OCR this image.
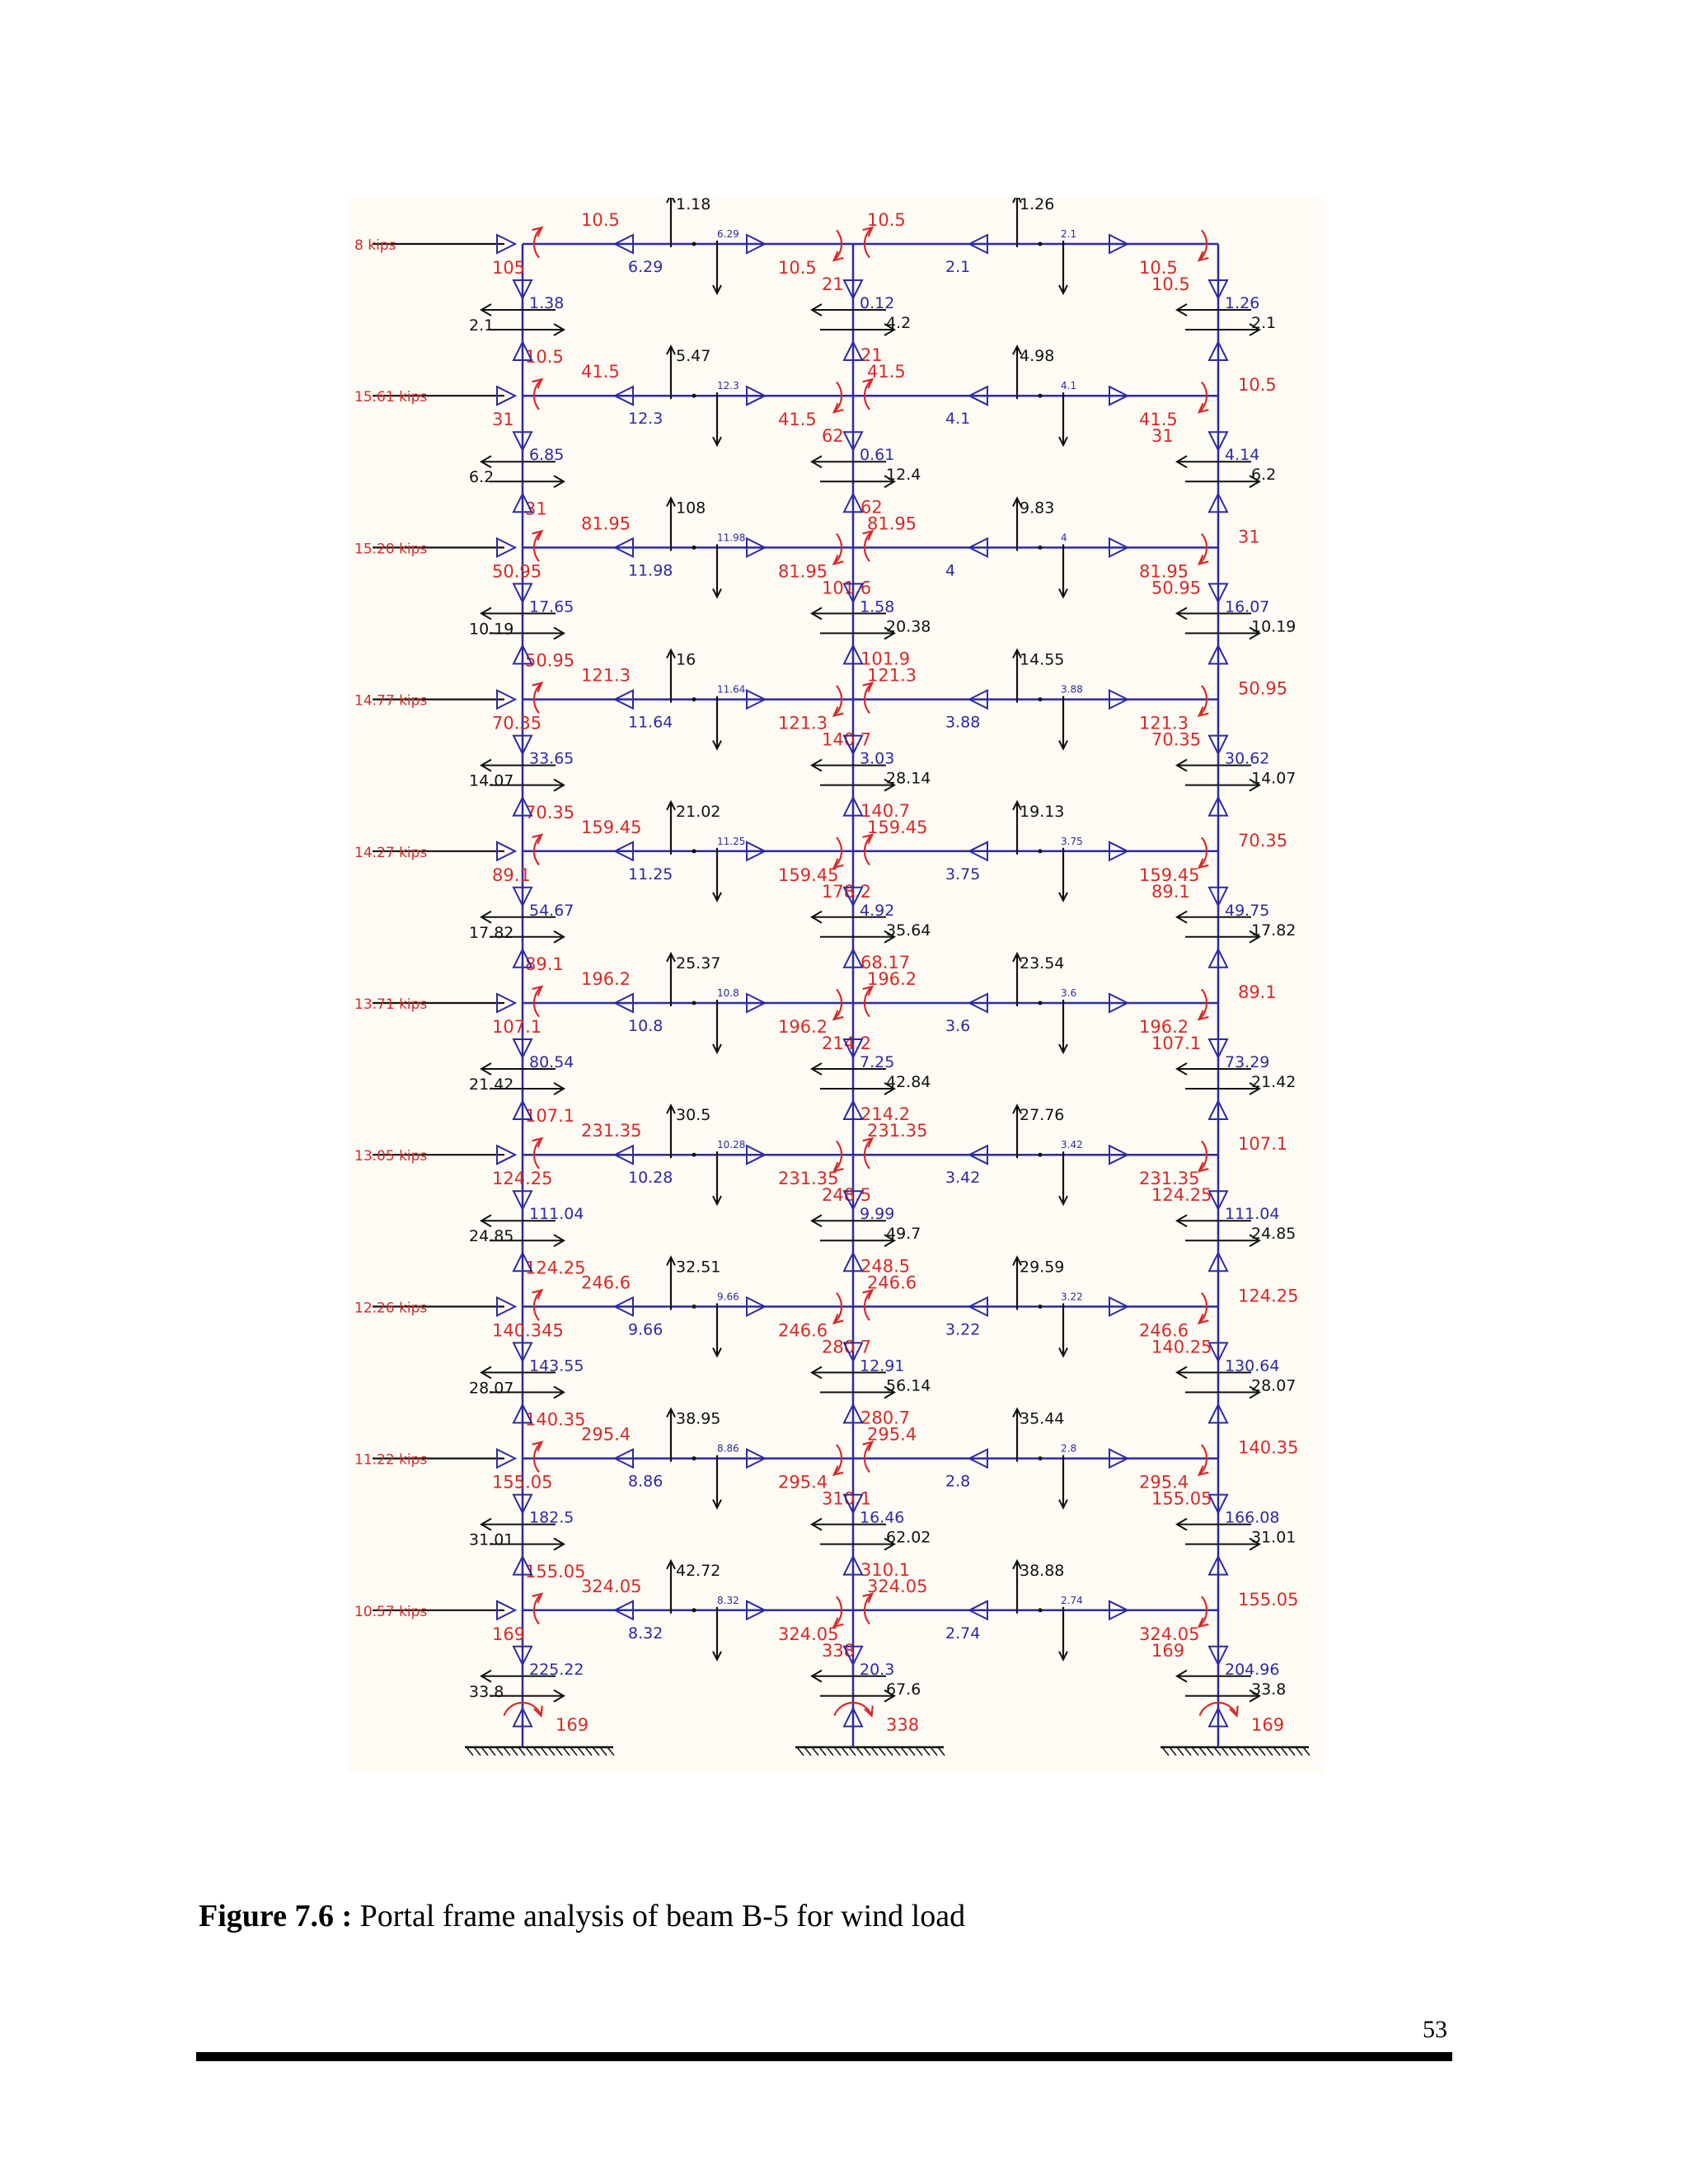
8 kips
10.5
105	6.29
1.18
6.29
10.5
10.5
21
2.1
1.26
2.1
10.5
10.5
15.61 kips
41.5
31
10.5
12.3
5.47
12.3
41.5
41.5
62
21
4.1
4.98
4.1
41.5
31
10.5
15.20 kips
81.95
50.95
31
11.98
108
11.98
81.95
81.95
101.6
62
4
9.83
4
81.95
50.95
31
14.77 kips
121.3
70.35
50.95
11.64
16
11.64
121.3
121.3
140.7
101.9
3.88
14.55
3.88
121.3
70.35
50.95
14.27 kips
159.45
89.1
70.35
11.25
21.02
11.25
159.45
159.45
178.2
140.7
3.75
19.13
3.75
159.45
89.1
70.35
13.71 kips
196.2
107.1
89.1
10.8
25.37
10.8
196.2
196.2
214.2
68.17
3.6
23.54
3.6
196.2
107.1
89.1
13.05 kips
231.35
124.25
107.1
10.28
30.5
10.28
231.35
231.35
248.5
214.2
3.42
27.76
3.42
231.35
124.25
107.1
12.26 kips
246.6
140.345
124.25
9.66
32.51
9.66
246.6
246.6
280.7
248.5
3.22
29.59
3.22
246.6
140.25
124.25
11.22 kips
295.4
155.05
140.35
8.86
38.95
8.86
295.4
295.4
310.1
280.7
2.8
35.44
2.8
295.4
155.05
140.35
10.57 kips
324.05
169
155.05
8.32
42.72
8.32
324.05
324.05
338
310.1
2.74
38.88
2.74
324.05
169
155.05
1.38
2.1
0.12
4.2
1.26
2.1
6.85
6.2
0.61
12.4
4.14
6.2
17.65
10.19
1.58
20.38
16.07
10.19
33.65
14.07
3.03
28.14
30.62
14.07
54.67
17.82
4.92
35.64
49.75
17.82
80.54
21.42
7.25
42.84
73.29
21.42
111.04
24.85
9.99
49.7
111.04
24.85
143.55
28.07
12.91
56.14
130.64
28.07
182.5
31.01
16.46
62.02
166.08
31.01
225.22
33.8
20.3
67.6
204.96
33.8
169	338	169
Figure 7.6 : Portal frame analysis of beam B-5 for wind load
53
